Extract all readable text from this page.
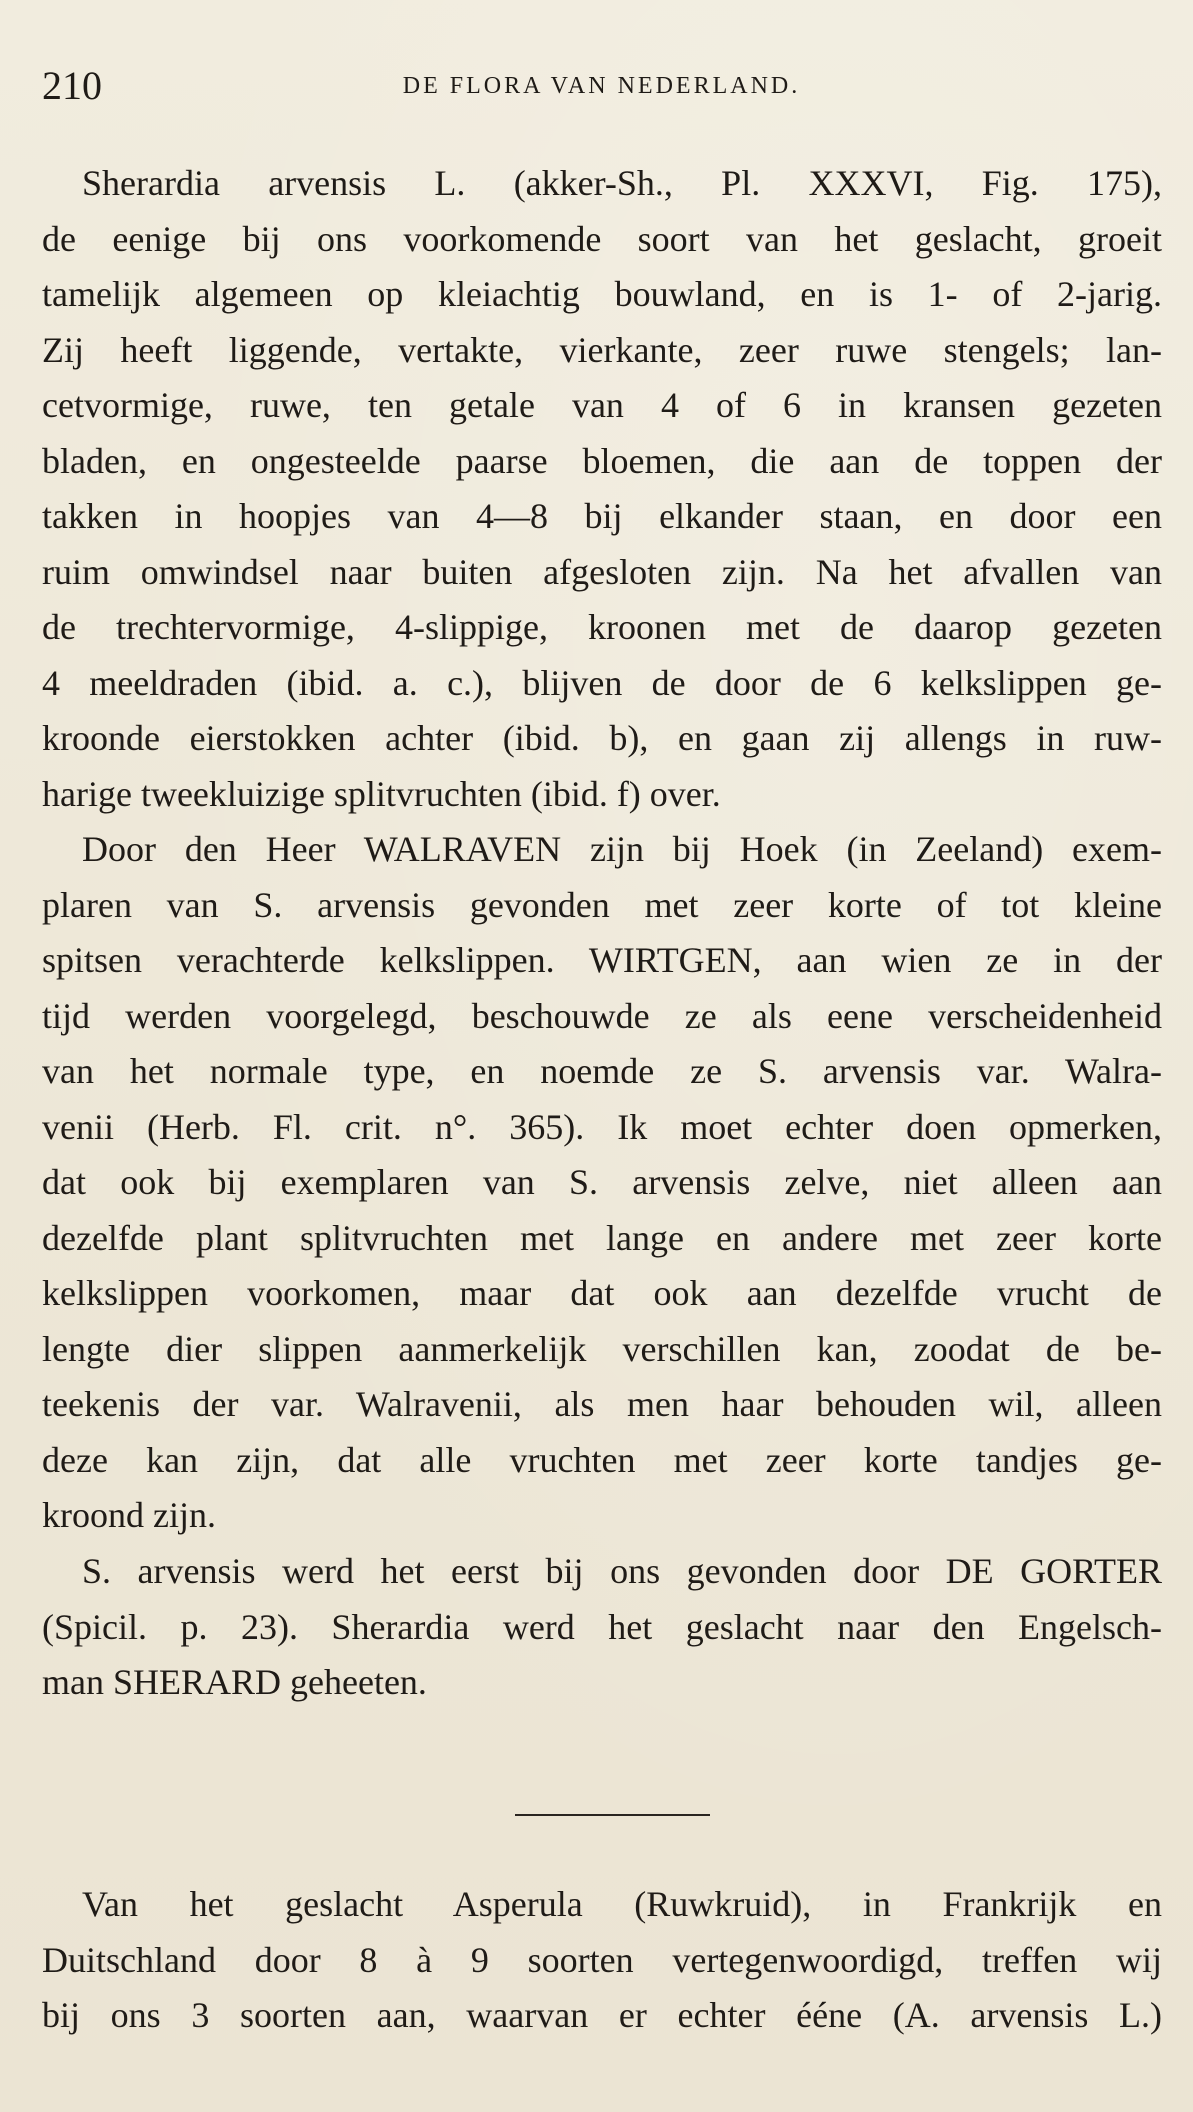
210	DE FLORA VAN NEDERLAND.
Sherardia arvensis L. (akker-Sh., Pl. XXXVI, Fig. 175),
de eenige bij ons voorkomende soort van het geslacht, groeit
tamelijk algemeen op kleiachtig bouwland, en is 1- of 2-jarig.
Zij heeft liggende, vertakte, vierkante, zeer ruwe stengels; lan-
cetvormige, ruwe, ten getale van 4 of 6 in kransen gezeten
bladen, en ongesteelde paarse bloemen, die aan de toppen der
takken in hoopjes van 4—8 bij elkander staan, en door een
ruim omwindsel naar buiten afgesloten zijn. Na het afvallen van
de trechtervormige, 4-slippige, kroonen met de daarop gezeten
4 meeldraden (ibid. a. c.), blijven de door de 6 kelkslippen ge-
kroonde eierstokken achter (ibid. b), en gaan zij allengs in ruw-
harige tweekluizige splitvruchten (ibid. f) over.
Door den Heer WALRAVEN zijn bij Hoek (in Zeeland) exem-
plaren van S. arvensis gevonden met zeer korte of tot kleine
spitsen verachterde kelkslippen. WIRTGEN, aan wien ze in der
tijd werden voorgelegd, beschouwde ze als eene verscheidenheid
van het normale type, en noemde ze S. arvensis var. Walra-
venii (Herb. Fl. crit. n°. 365). Ik moet echter doen opmerken,
dat ook bij exemplaren van S. arvensis zelve, niet alleen aan
dezelfde plant splitvruchten met lange en andere met zeer korte
kelkslippen voorkomen, maar dat ook aan dezelfde vrucht de
lengte dier slippen aanmerkelijk verschillen kan, zoodat de be-
teekenis der var. Walravenii, als men haar behouden wil, alleen
deze kan zijn, dat alle vruchten met zeer korte tandjes ge-
kroond zijn.
S. arvensis werd het eerst bij ons gevonden door DE GORTER
(Spicil. p. 23). Sherardia werd het geslacht naar den Engelsch-
man SHERARD geheeten.
Van het geslacht Asperula (Ruwkruid), in Frankrijk en
Duitschland door 8 à 9 soorten vertegenwoordigd, treffen wij
bij ons 3 soorten aan, waarvan er echter ééne (A. arvensis L.)
